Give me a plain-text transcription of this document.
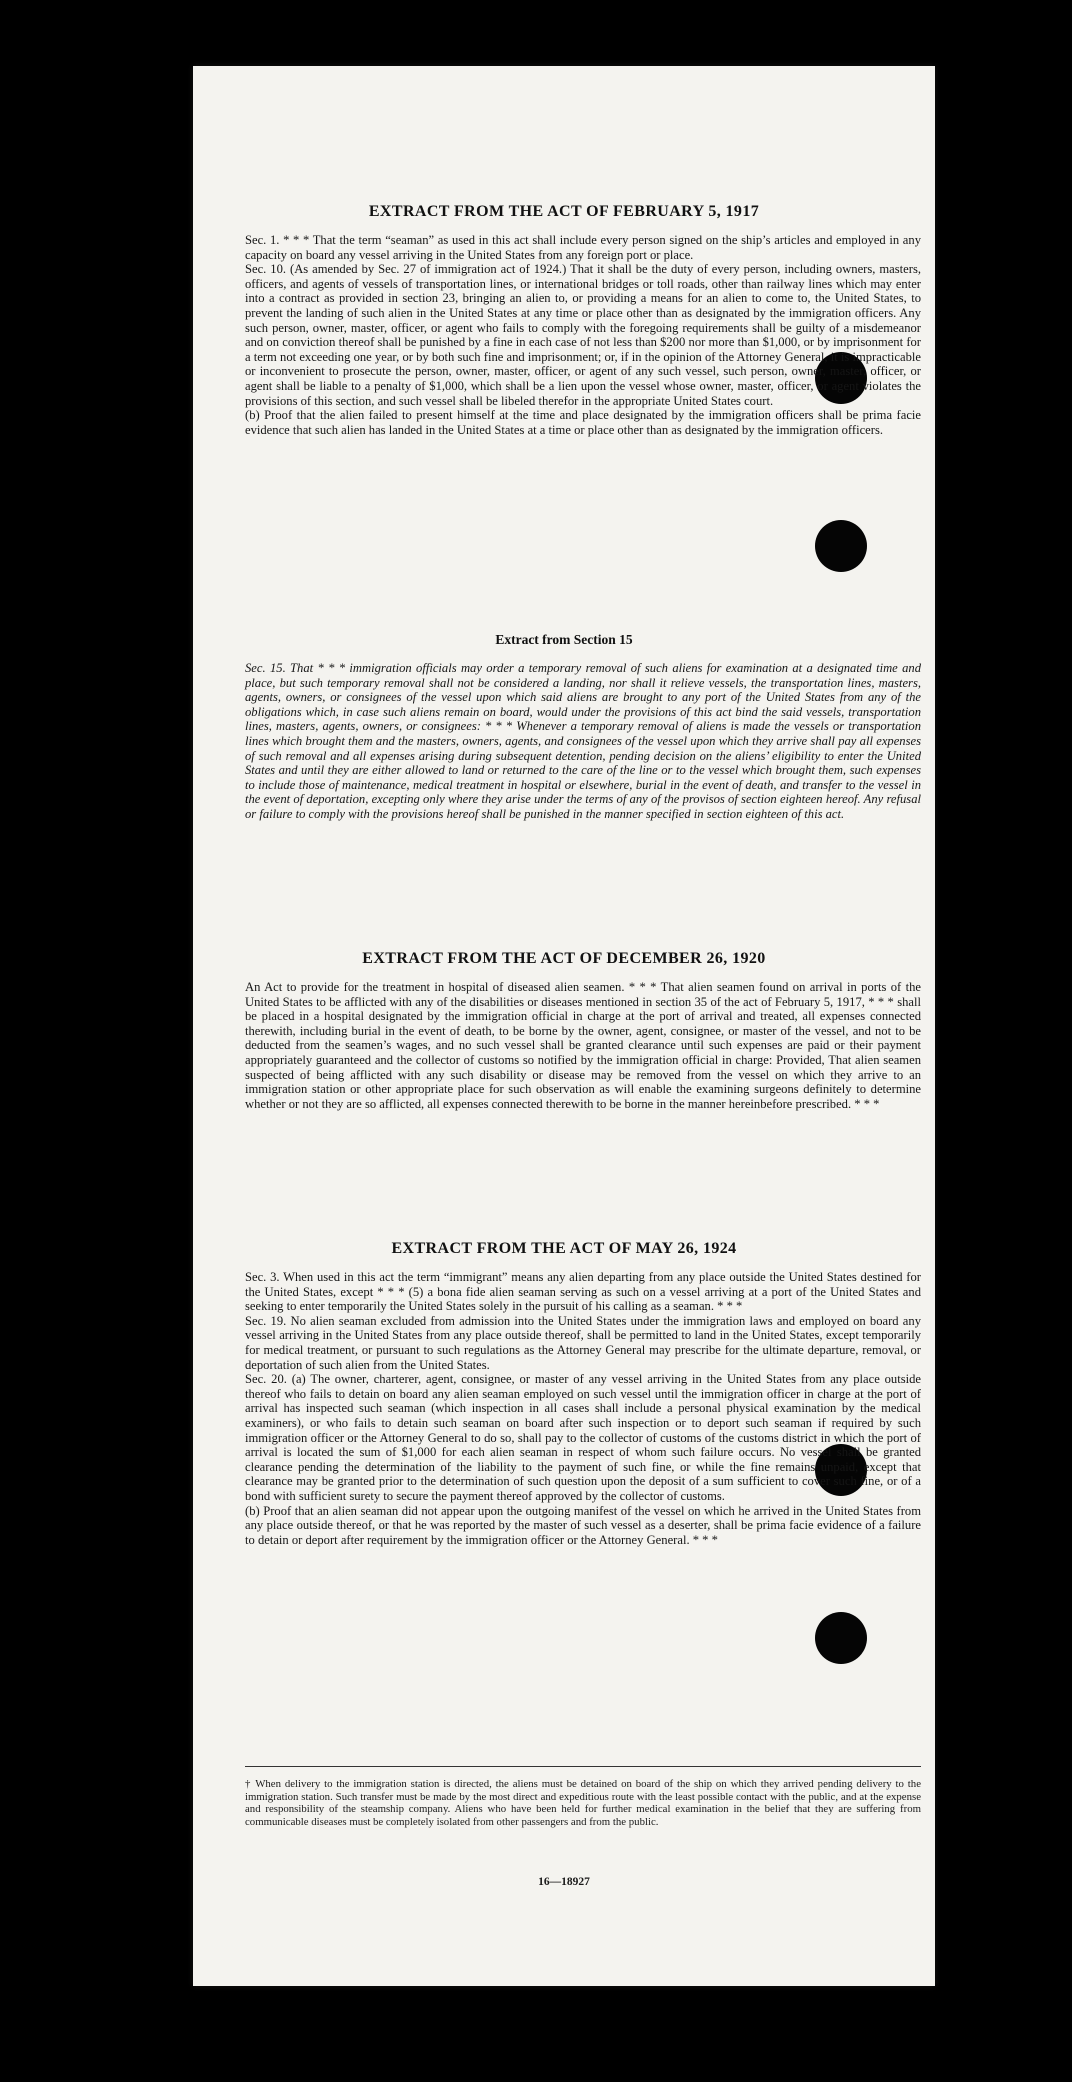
EXTRACT FROM THE ACT OF FEBRUARY 5, 1917

Sec. 1. * * * That the term “seaman” as used in this act shall include every person signed on the ship’s articles and employed in any capacity on board any vessel arriving in the United States from any foreign port or place.

Sec. 10. (As amended by Sec. 27 of immigration act of 1924.) That it shall be the duty of every person, including owners, masters, officers, and agents of vessels of transportation lines, or international bridges or toll roads, other than railway lines which may enter into a contract as provided in section 23, bringing an alien to, or providing a means for an alien to come to, the United States, to prevent the landing of such alien in the United States at any time or place other than as designated by the immigration officers. Any such person, owner, master, officer, or agent who fails to comply with the foregoing requirements shall be guilty of a misdemeanor and on conviction thereof shall be punished by a fine in each case of not less than $200 nor more than $1,000, or by imprisonment for a term not exceeding one year, or by both such fine and imprisonment; or, if in the opinion of the Attorney General, it is impracticable or inconvenient to prosecute the person, owner, master, officer, or agent of any such vessel, such person, owner, master, officer, or agent shall be liable to a penalty of $1,000, which shall be a lien upon the vessel whose owner, master, officer, or agent violates the provisions of this section, and such vessel shall be libeled therefor in the appropriate United States court.

(b) Proof that the alien failed to present himself at the time and place designated by the immigration officers shall be prima facie evidence that such alien has landed in the United States at a time or place other than as designated by the immigration officers.

Extract from Section 15

Sec. 15. That * * * immigration officials may order a temporary removal of such aliens for examination at a designated time and place, but such temporary removal shall not be considered a landing, nor shall it relieve vessels, the transportation lines, masters, agents, owners, or consignees of the vessel upon which said aliens are brought to any port of the United States from any of the obligations which, in case such aliens remain on board, would under the provisions of this act bind the said vessels, transportation lines, masters, agents, owners, or consignees: * * * Whenever a temporary removal of aliens is made the vessels or transportation lines which brought them and the masters, owners, agents, and consignees of the vessel upon which they arrive shall pay all expenses of such removal and all expenses arising during subsequent detention, pending decision on the aliens’ eligibility to enter the United States and until they are either allowed to land or returned to the care of the line or to the vessel which brought them, such expenses to include those of maintenance, medical treatment in hospital or elsewhere, burial in the event of death, and transfer to the vessel in the event of deportation, excepting only where they arise under the terms of any of the provisos of section eighteen hereof. Any refusal or failure to comply with the provisions hereof shall be punished in the manner specified in section eighteen of this act.

EXTRACT FROM THE ACT OF DECEMBER 26, 1920

An Act to provide for the treatment in hospital of diseased alien seamen. * * * That alien seamen found on arrival in ports of the United States to be afflicted with any of the disabilities or diseases mentioned in section 35 of the act of February 5, 1917, * * * shall be placed in a hospital designated by the immigration official in charge at the port of arrival and treated, all expenses connected therewith, including burial in the event of death, to be borne by the owner, agent, consignee, or master of the vessel, and not to be deducted from the seamen’s wages, and no such vessel shall be granted clearance until such expenses are paid or their payment appropriately guaranteed and the collector of customs so notified by the immigration official in charge: Provided, That alien seamen suspected of being afflicted with any such disability or disease may be removed from the vessel on which they arrive to an immigration station or other appropriate place for such observation as will enable the examining surgeons definitely to determine whether or not they are so afflicted, all expenses connected therewith to be borne in the manner hereinbefore prescribed. * * *

EXTRACT FROM THE ACT OF MAY 26, 1924

Sec. 3. When used in this act the term “immigrant” means any alien departing from any place outside the United States destined for the United States, except * * * (5) a bona fide alien seaman serving as such on a vessel arriving at a port of the United States and seeking to enter temporarily the United States solely in the pursuit of his calling as a seaman. * * *

Sec. 19. No alien seaman excluded from admission into the United States under the immigration laws and employed on board any vessel arriving in the United States from any place outside thereof, shall be permitted to land in the United States, except temporarily for medical treatment, or pursuant to such regulations as the Attorney General may prescribe for the ultimate departure, removal, or deportation of such alien from the United States.

Sec. 20. (a) The owner, charterer, agent, consignee, or master of any vessel arriving in the United States from any place outside thereof who fails to detain on board any alien seaman employed on such vessel until the immigration officer in charge at the port of arrival has inspected such seaman (which inspection in all cases shall include a personal physical examination by the medical examiners), or who fails to detain such seaman on board after such inspection or to deport such seaman if required by such immigration officer or the Attorney General to do so, shall pay to the collector of customs of the customs district in which the port of arrival is located the sum of $1,000 for each alien seaman in respect of whom such failure occurs. No vessel shall be granted clearance pending the determination of the liability to the payment of such fine, or while the fine remains unpaid, except that clearance may be granted prior to the determination of such question upon the deposit of a sum sufficient to cover such fine, or of a bond with sufficient surety to secure the payment thereof approved by the collector of customs.

(b) Proof that an alien seaman did not appear upon the outgoing manifest of the vessel on which he arrived in the United States from any place outside thereof, or that he was reported by the master of such vessel as a deserter, shall be prima facie evidence of a failure to detain or deport after requirement by the immigration officer or the Attorney General. * * *

† When delivery to the immigration station is directed, the aliens must be detained on board of the ship on which they arrived pending delivery to the immigration station. Such transfer must be made by the most direct and expeditious route with the least possible contact with the public, and at the expense and responsibility of the steamship company. Aliens who have been held for further medical examination in the belief that they are suffering from communicable diseases must be completely isolated from other passengers and from the public.
16—18927
